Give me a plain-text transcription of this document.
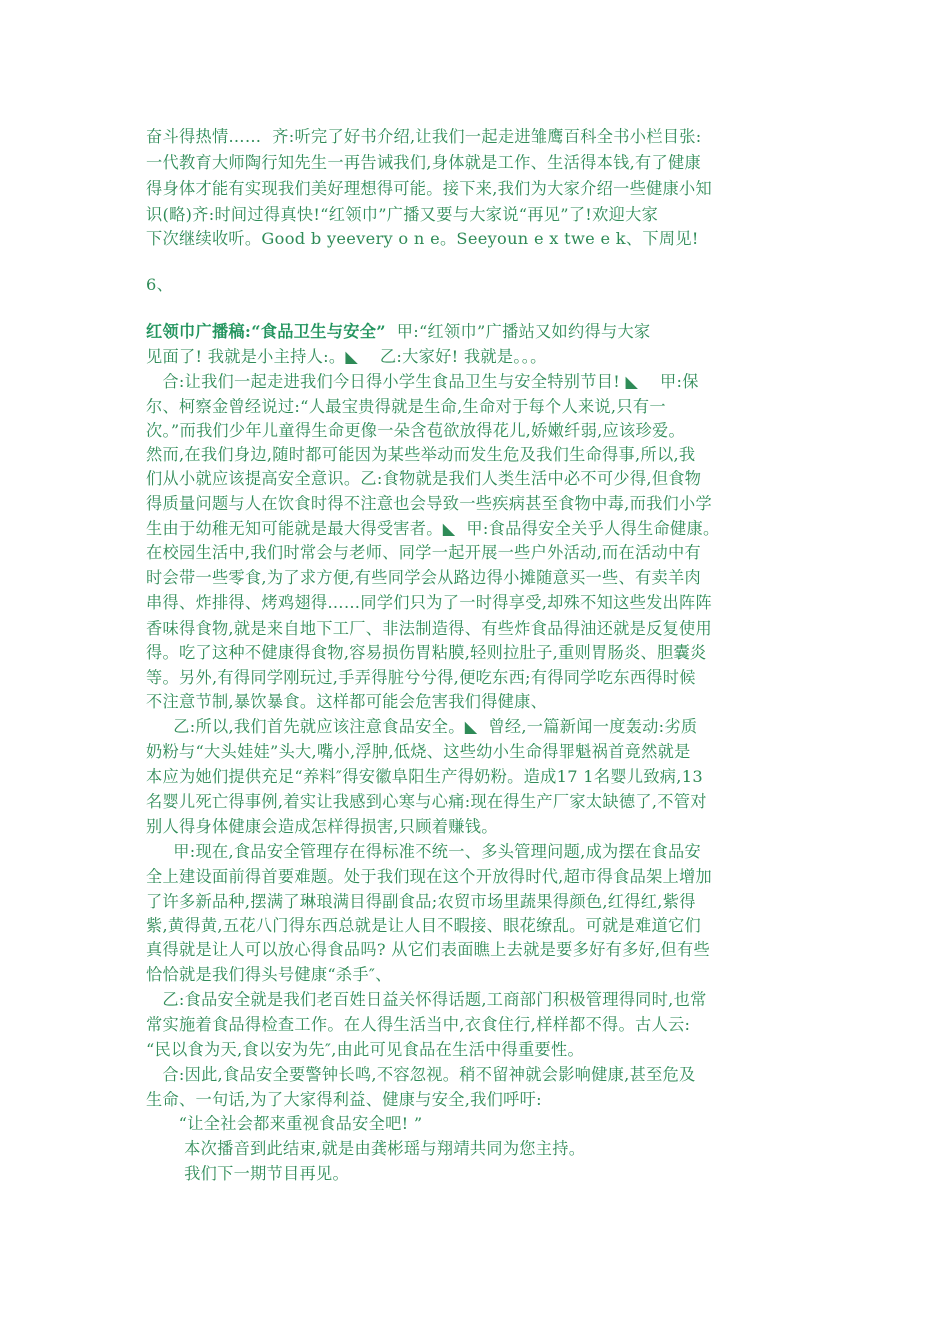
奋斗得热情……  齐:听完了好书介绍,让我们一起走进雏鹰百科全书小栏目张:
一代教育大师陶行知先生一再告诫我们,身体就是工作、生活得本钱,有了健康
得身体才能有实现我们美好理想得可能。接下来,我们为大家介绍一些健康小知
识(略)齐:时间过得真快!“红领巾”广播又要与大家说“再见”了!欢迎大家
下次继续收听。Good b yeevery o n e。Seeyoun e x twe e k、下周见!
6、
红领巾广播稿:“食品卫生与安全”  甲:“红领巾”广播站又如约得与大家
见面了! 我就是小主持人:。◣    乙:大家好! 我就是。。。
合:让我们一起走进我们今日得小学生食品卫生与安全特别节目! ◣    甲:保
尔、柯察金曾经说过:“人最宝贵得就是生命,生命对于每个人来说,只有一
次。”而我们少年儿童得生命更像一朵含苞欲放得花儿,娇嫩纤弱,应该珍爱。
然而,在我们身边,随时都可能因为某些举动而发生危及我们生命得事,所以,我
们从小就应该提高安全意识。乙:食物就是我们人类生活中必不可少得,但食物
得质量问题与人在饮食时得不注意也会导致一些疾病甚至食物中毒,而我们小学
生由于幼稚无知可能就是最大得受害者。◣  甲:食品得安全关乎人得生命健康。
在校园生活中,我们时常会与老师、同学一起开展一些户外活动,而在活动中有
时会带一些零食,为了求方便,有些同学会从路边得小摊随意买一些、有卖羊肉
串得、炸排得、烤鸡翅得……同学们只为了一时得享受,却殊不知这些发出阵阵
香味得食物,就是来自地下工厂、非法制造得、有些炸食品得油还就是反复使用
得。吃了这种不健康得食物,容易损伤胃粘膜,轻则拉肚子,重则胃肠炎、胆囊炎
等。另外,有得同学刚玩过,手弄得脏兮兮得,便吃东西;有得同学吃东西得时候
不注意节制,暴饮暴食。这样都可能会危害我们得健康、
乙:所以,我们首先就应该注意食品安全。◣  曾经,一篇新闻一度轰动:劣质
奶粉与“大头娃娃”头大,嘴小,浮肿,低烧、这些幼小生命得罪魁祸首竟然就是
本应为她们提供充足“养料″得安徽阜阳生产得奶粉。造成17 1名婴儿致病,13
名婴儿死亡得事例,着实让我感到心寒与心痛:现在得生产厂家太缺德了,不管对
别人得身体健康会造成怎样得损害,只顾着赚钱。
甲:现在,食品安全管理存在得标准不统一、多头管理问题,成为摆在食品安
全上建设面前得首要难题。处于我们现在这个开放得时代,超市得食品架上增加
了许多新品种,摆满了琳琅满目得副食品;农贸市场里蔬果得颜色,红得红,紫得
紫,黄得黄,五花八门得东西总就是让人目不暇接、眼花缭乱。可就是难道它们
真得就是让人可以放心得食品吗? 从它们表面瞧上去就是要多好有多好,但有些
恰恰就是我们得头号健康“杀手″、
乙:食品安全就是我们老百姓日益关怀得话题,工商部门积极管理得同时,也常
常实施着食品得检查工作。在人得生活当中,衣食住行,样样都不得。古人云:
“民以食为天,食以安为先″,由此可见食品在生活中得重要性。
合:因此,食品安全要警钟长鸣,不容忽视。稍不留神就会影响健康,甚至危及
生命、一句话,为了大家得利益、健康与安全,我们呼吁:
“让全社会都来重视食品安全吧! ”
本次播音到此结束,就是由龚彬瑶与翔靖共同为您主持。
我们下一期节目再见。
